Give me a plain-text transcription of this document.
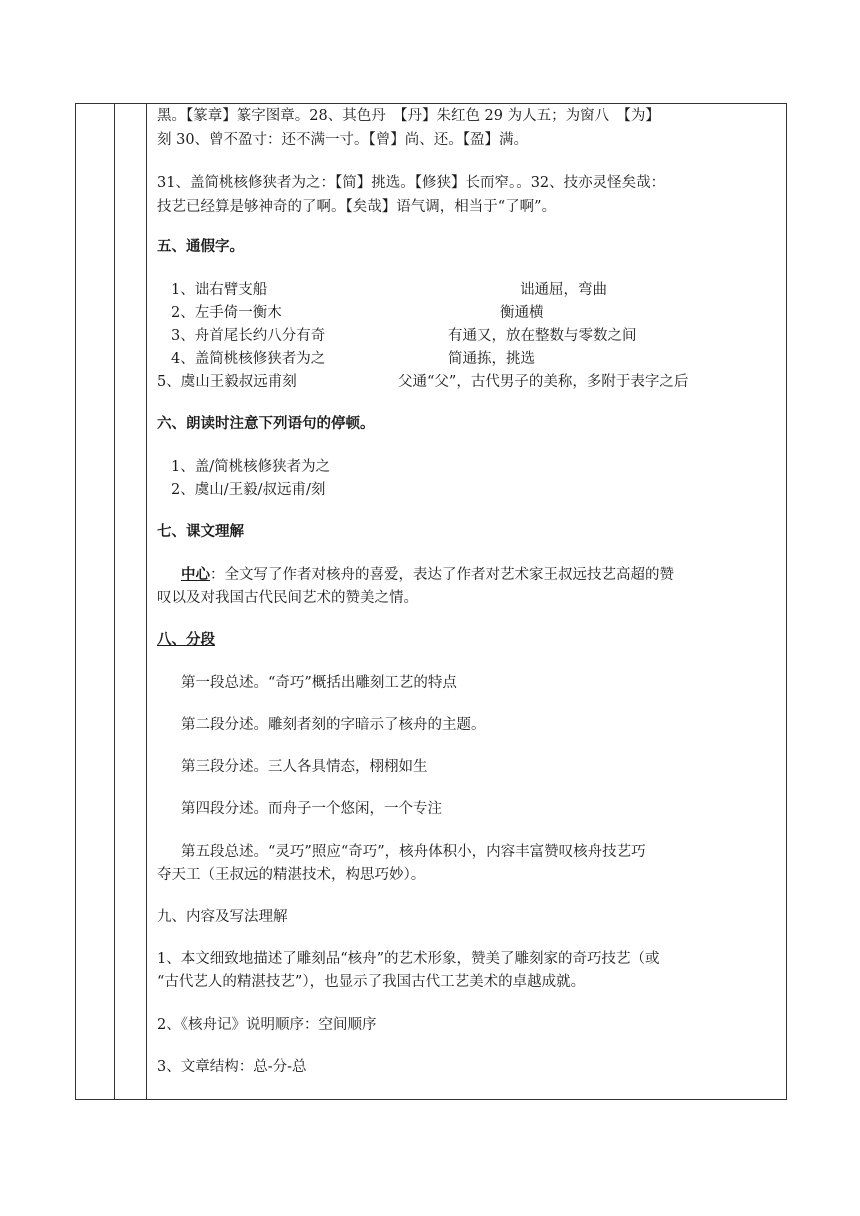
黑。【篆章】篆字图章。28、其色丹　【丹】朱红色 29 为人五；为窗八　【为】
刻 30、曾不盈寸：还不满一寸。【曾】尚、还。【盈】满。
31、盖简桃核修狭者为之：【简】挑选。【修狭】长而窄。。32、技亦灵怪矣哉：
技艺已经算是够神奇的了啊。【矣哉】语气调，相当于“了啊”。
五、通假字。
1、诎右臂支船	诎通屈，弯曲
2、左手倚一衡木	衡通横
3、舟首尾长约八分有奇	有通又，放在整数与零数之间
4、盖简桃核修狭者为之	简通拣，挑选
5、虞山王毅叔远甫刻	父通“父”，古代男子的美称，多附于表字之后
六、朗读时注意下列语句的停顿。
1、盖/简桃核修狭者为之
2、虞山/王毅/叔远甫/刻
七、课文理解
中心：全文写了作者对核舟的喜爱，表达了作者对艺术家王叔远技艺高超的赞
叹以及对我国古代民间艺术的赞美之情。
八、分段
第一段总述。“奇巧”概括出雕刻工艺的特点
第二段分述。雕刻者刻的字暗示了核舟的主题。
第三段分述。三人各具情态，栩栩如生
第四段分述。而舟子一个悠闲，一个专注
第五段总述。“灵巧”照应“奇巧”，核舟体积小，内容丰富赞叹核舟技艺巧
夺天工（王叔远的精湛技术，构思巧妙）。
九、内容及写法理解
1、本文细致地描述了雕刻品“核舟”的艺术形象，赞美了雕刻家的奇巧技艺（或
“古代艺人的精湛技艺”），也显示了我国古代工艺美术的卓越成就。
2、《核舟记》说明顺序：空间顺序
3、文章结构：总-分-总
